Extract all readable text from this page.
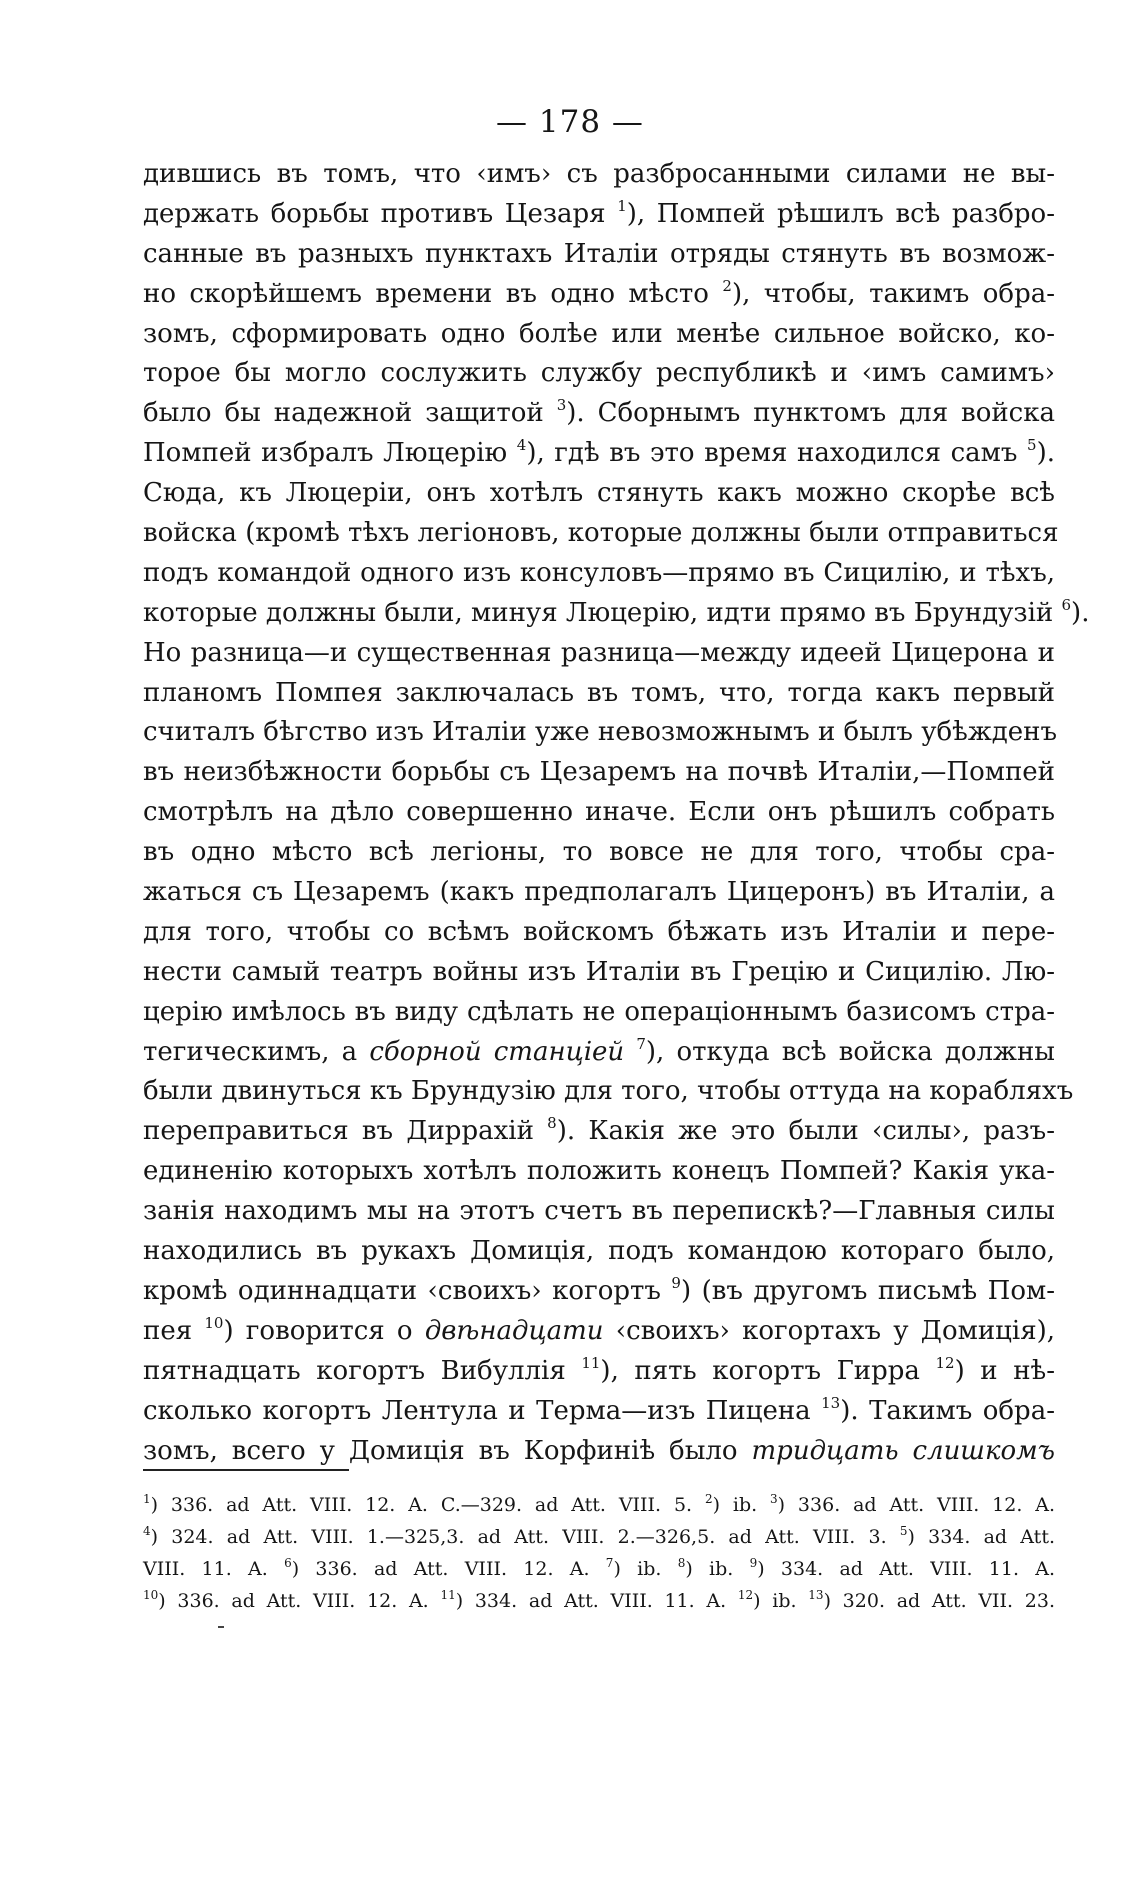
— 178 —
дившись въ томъ, что ‹имъ› съ разбросанными силами не вы-
держать борьбы противъ Цезаря $^1$), Помпей рѣшилъ всѣ разбро-
санные въ разныхъ пунктахъ Италіи отряды стянуть въ возмож-
но скорѣйшемъ времени въ одно мѣсто $^2$), чтобы, такимъ обра-
зомъ, сформировать одно болѣе или менѣе сильное войско, ко-
торое бы могло сослужить службу республикѣ и ‹имъ самимъ›
было бы надежной защитой $^3$). Сборнымъ пунктомъ для войска
Помпей избралъ Люцерію $^4$), гдѣ въ это время находился самъ $^5$).
Сюда, къ Люцеріи, онъ хотѣлъ стянуть какъ можно скорѣе всѣ
войска (кромѣ тѣхъ легіоновъ, которые должны были отправиться
подъ командой одного изъ консуловъ—прямо въ Сицилію, и тѣхъ,
которые должны были, минуя Люцерію, идти прямо въ Брундузій $^6$).
Но разница—и существенная разница—между идеей Цицерона и
планомъ Помпея заключалась въ томъ, что, тогда какъ первый
считалъ бѣгство изъ Италіи уже невозможнымъ и былъ убѣжденъ
въ неизбѣжности борьбы съ Цезаремъ на почвѣ Италіи,—Помпей
смотрѣлъ на дѣло совершенно иначе. Если онъ рѣшилъ собрать
въ одно мѣсто всѣ легіоны, то вовсе не для того, чтобы сра-
жаться съ Цезаремъ (какъ предполагалъ Цицеронъ) въ Италіи, а
для того, чтобы со всѣмъ войскомъ бѣжать изъ Италіи и пере-
нести самый театръ войны изъ Италіи въ Грецію и Сицилію. Лю-
церію имѣлось въ виду сдѣлать не операціоннымъ базисомъ стра-
тегическимъ, а сборной станціей $^7$), откуда всѣ войска должны
были двинуться къ Брундузію для того, чтобы оттуда на корабляхъ
переправиться въ Диррахій $^8$). Какія же это были ‹силы›, разъ-
единенію которыхъ хотѣлъ положить конецъ Помпей? Какія ука-
занія находимъ мы на этотъ счетъ въ перепискѣ?—Главныя силы
находились въ рукахъ Домиція, подъ командою котораго было,
кромѣ одиннадцати ‹своихъ› когортъ $^9$) (въ другомъ письмѣ Пом-
пея $^{10}$) говорится о двѣнадцати ‹своихъ› когортахъ у Домиція),
пятнадцать когортъ Вибуллія $^{11}$), пять когортъ Гирра $^{12}$) и нѣ-
сколько когортъ Лентула и Терма—изъ Пицена $^{13}$). Такимъ обра-
зомъ, всего у Домиція въ Корфиніѣ было тридцать слишкомъ
$^1$) 336. ad Att. VIII. 12. A. C.—329. ad Att. VIII. 5. $^2$) ib. $^3$) 336. ad Att. VIII. 12. A.
$^4$) 324. ad Att. VIII. 1.—325,3. ad Att. VIII. 2.—326,5. ad Att. VIII. 3. $^5$) 334. ad Att.
VIII. 11. A. $^6$) 336. ad Att. VIII. 12. A. $^7$) ib. $^8$) ib. $^9$) 334. ad Att. VIII. 11. A.
$^{10}$) 336. ad Att. VIII. 12. A. $^{11}$) 334. ad Att. VIII. 11. A. $^{12}$) ib. $^{13}$) 320. ad Att. VII. 23.
